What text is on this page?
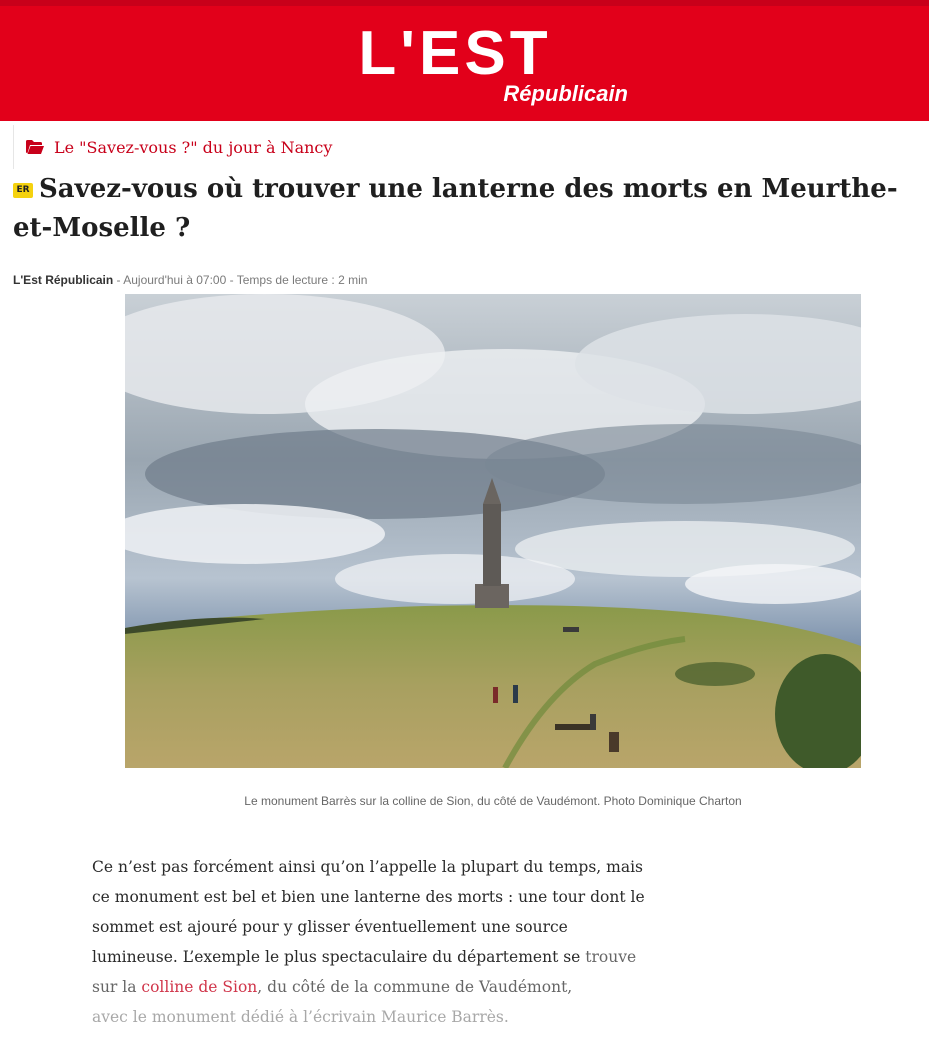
L'EST
Républicain
Le "Savez-vous ?" du jour à Nancy
ER Savez-vous où trouver une lanterne des morts en Meurthe-et-Moselle ?
L'Est Républicain - Aujourd'hui à 07:00 - Temps de lecture : 2 min
Le monument Barrès sur la colline de Sion, du côté de Vaudémont. Photo Dominique Charton
Ce n’est pas forcément ainsi qu’on l’appelle la plupart du temps, mais ce monument est bel et bien une lanterne des morts : une tour dont le sommet est ajouré pour y glisser éventuellement une source lumineuse. L’exemple le plus spectaculaire du département se trouve sur la colline de Sion, du côté de la commune de Vaudémont,
avec le monument dédié à l’écrivain Maurice Barrès.
